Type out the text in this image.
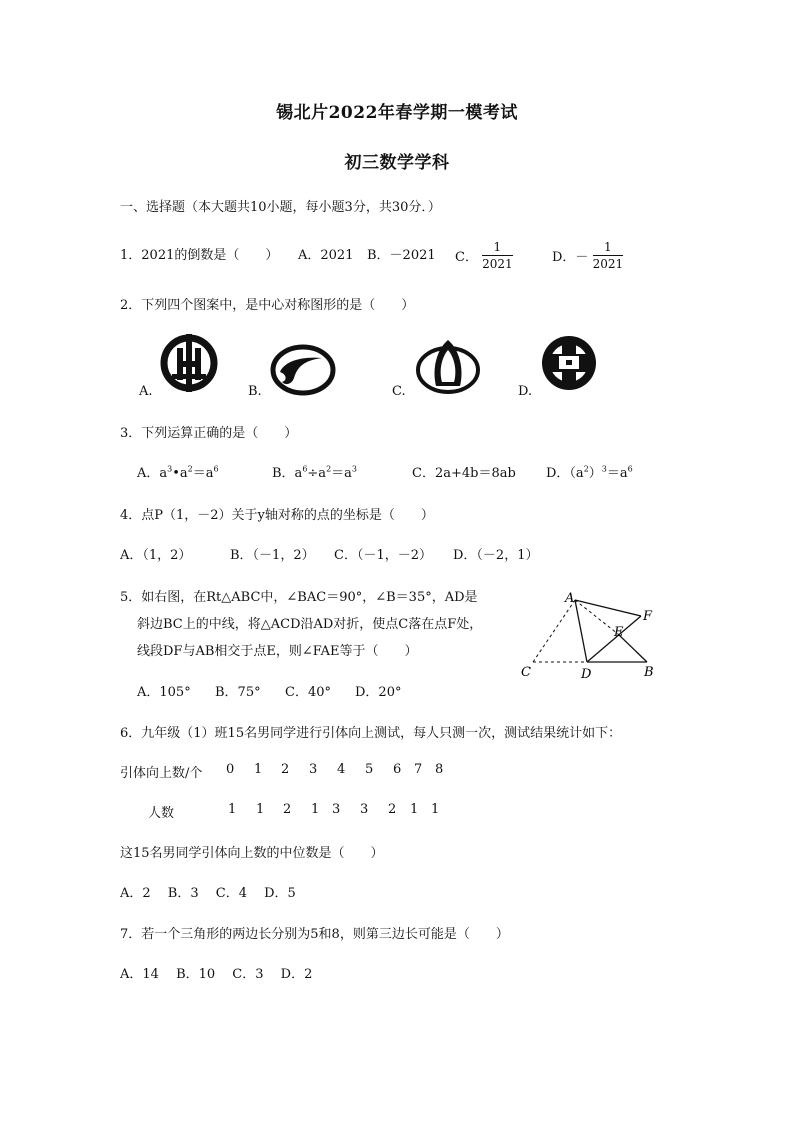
锡北片2022年春学期一模考试
初三数学学科
一、选择题（本大题共10小题，每小题3分，共30分．）
1．2021的倒数是（　　） A．2021 B．－2021 C． $\frac{1}{2021}$	D．－ $\frac{1}{2021}$
2．下列四个图案中，是中心对称图形的是（　　）
A.	B.	C.	D.
3．下列运算正确的是（　　）
A．$a^3•a^2=a^6$	B．$a^6\div a^2=a^3$	C．2a+4b＝8ab D．$(a^2)^3=a^6$
4．点P（1，－2）关于y轴对称的点的坐标是（　　）
A．（1，2）	B．（－1，2） C．（－1，－2） D．（－2，1）
5．如右图，在Rt△ABC中，∠BAC＝90°，∠B＝35°，AD是
斜边BC上的中线，将△ACD沿AD对折，使点C落在点F处，
线段DF与AB相交于点E，则∠FAE等于（　　）
A．105° B．75° C．40° D．20°
A
F
E
C	D	B
6．九年级（1）班15名男同学进行引体向上测试，每人只测一次，测试结果统计如下：
引体向上数/个 0 1 2 3 4 5 6 7 8
人数	1 1 2 1 3 3 2 1 1
这15名男同学引体向上数的中位数是（　　）
A．2　 B．3　 C．4　 D．5
7．若一个三角形的两边长分别为5和8，则第三边长可能是（　　）
A．14　 B．10　 C．3　 D．2
